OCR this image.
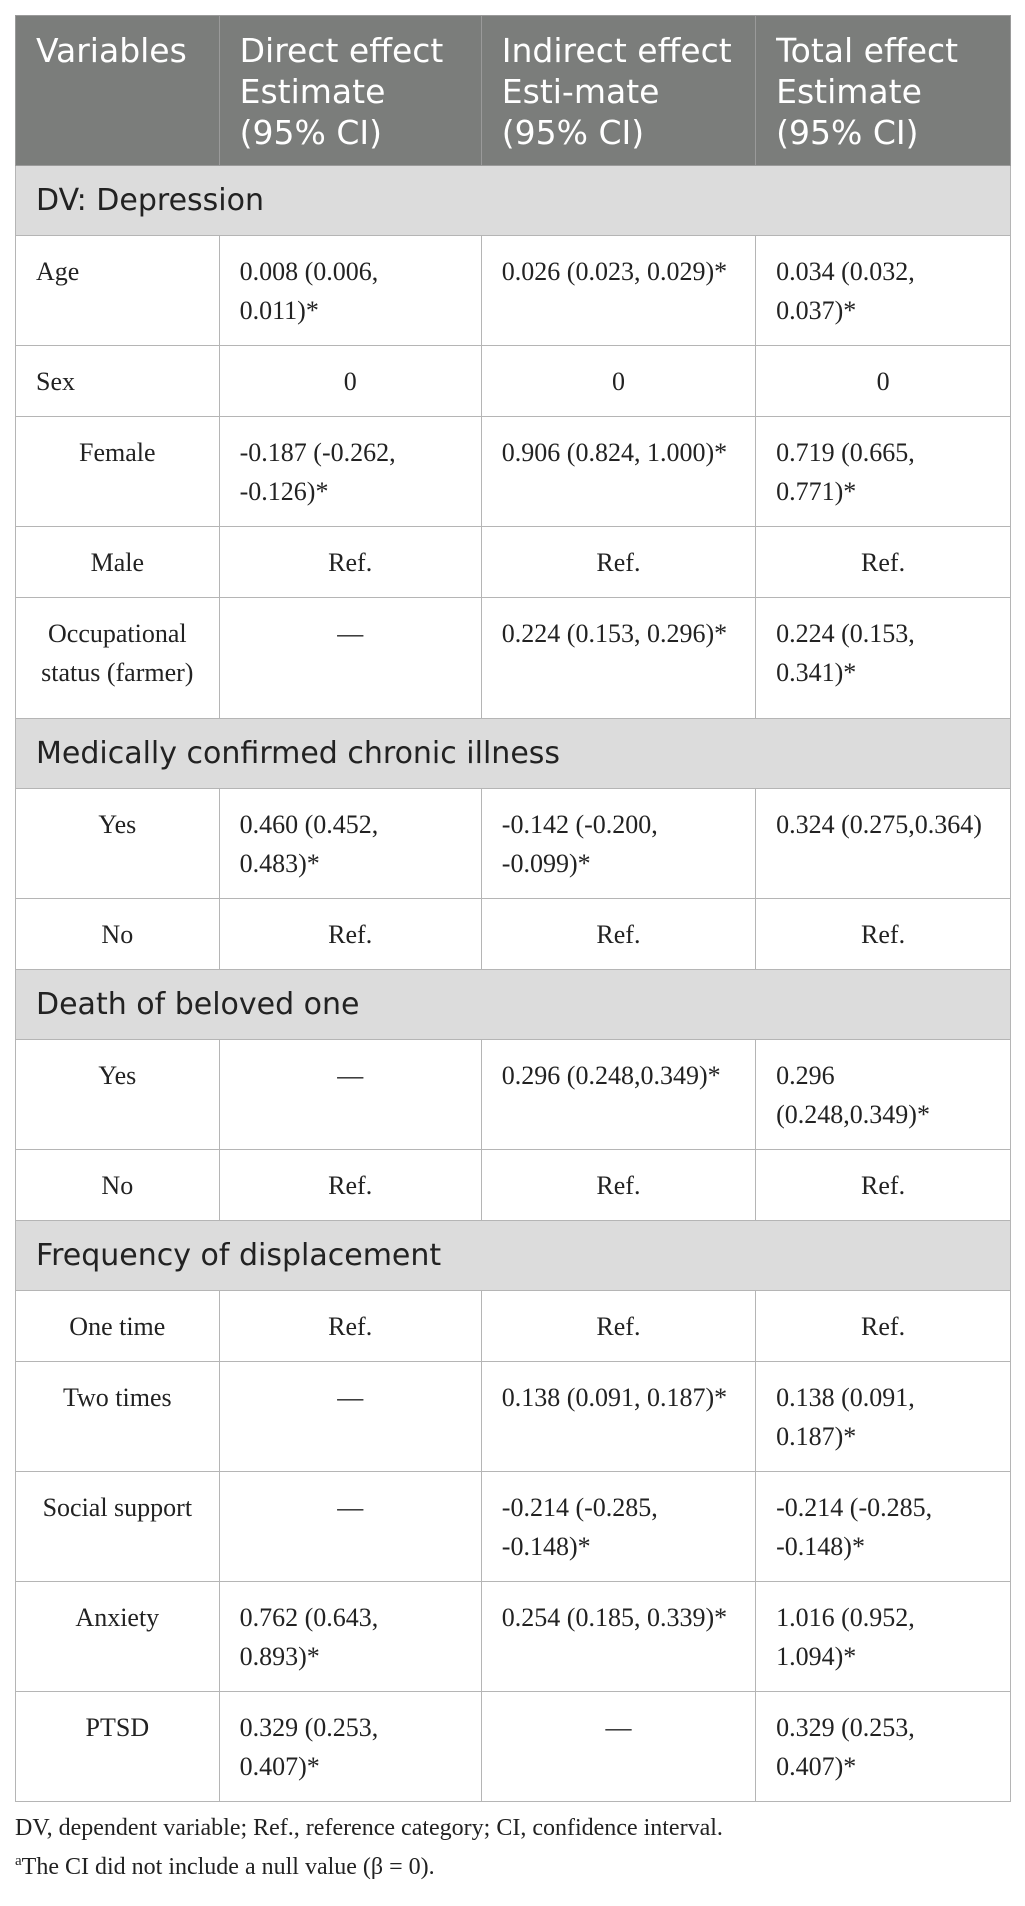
Variables	Direct effect Estimate (95% CI)	Indirect effect Esti-mate (95% CI)	Total effect Estimate (95% CI)
DV: Depression			
Age	0.008 (0.006, 0.011)*	0.026 (0.023, 0.029)*	0.034 (0.032, 0.037)*
Sex	0	0	0
Female	-0.187 (-0.262, -0.126)*	0.906 (0.824, 1.000)*	0.719 (0.665, 0.771)*
Male	Ref.	Ref.	Ref.
Occupational status (farmer)	—	0.224 (0.153, 0.296)*	0.224 (0.153, 0.341)*
Medically confirmed chronic illness			
Yes	0.460 (0.452, 0.483)*	-0.142 (-0.200, -0.099)*	0.324 (0.275,0.364)
No	Ref.	Ref.	Ref.
Death of beloved one			
Yes	—	0.296 (0.248,0.349)*	0.296 (0.248,0.349)*
No	Ref.	Ref.	Ref.
Frequency of displacement			
One time	Ref.	Ref.	Ref.
Two times	—	0.138 (0.091, 0.187)*	0.138 (0.091, 0.187)*
Social support	—	-0.214 (-0.285, -0.148)*	-0.214 (-0.285, -0.148)*
Anxiety	0.762 (0.643, 0.893)*	0.254 (0.185, 0.339)*	1.016 (0.952, 1.094)*
PTSD	0.329 (0.253, 0.407)*	—	0.329 (0.253, 0.407)*
DV, dependent variable; Ref., reference category; CI, confidence interval.
$^a$The CI did not include a null value (β = 0).
